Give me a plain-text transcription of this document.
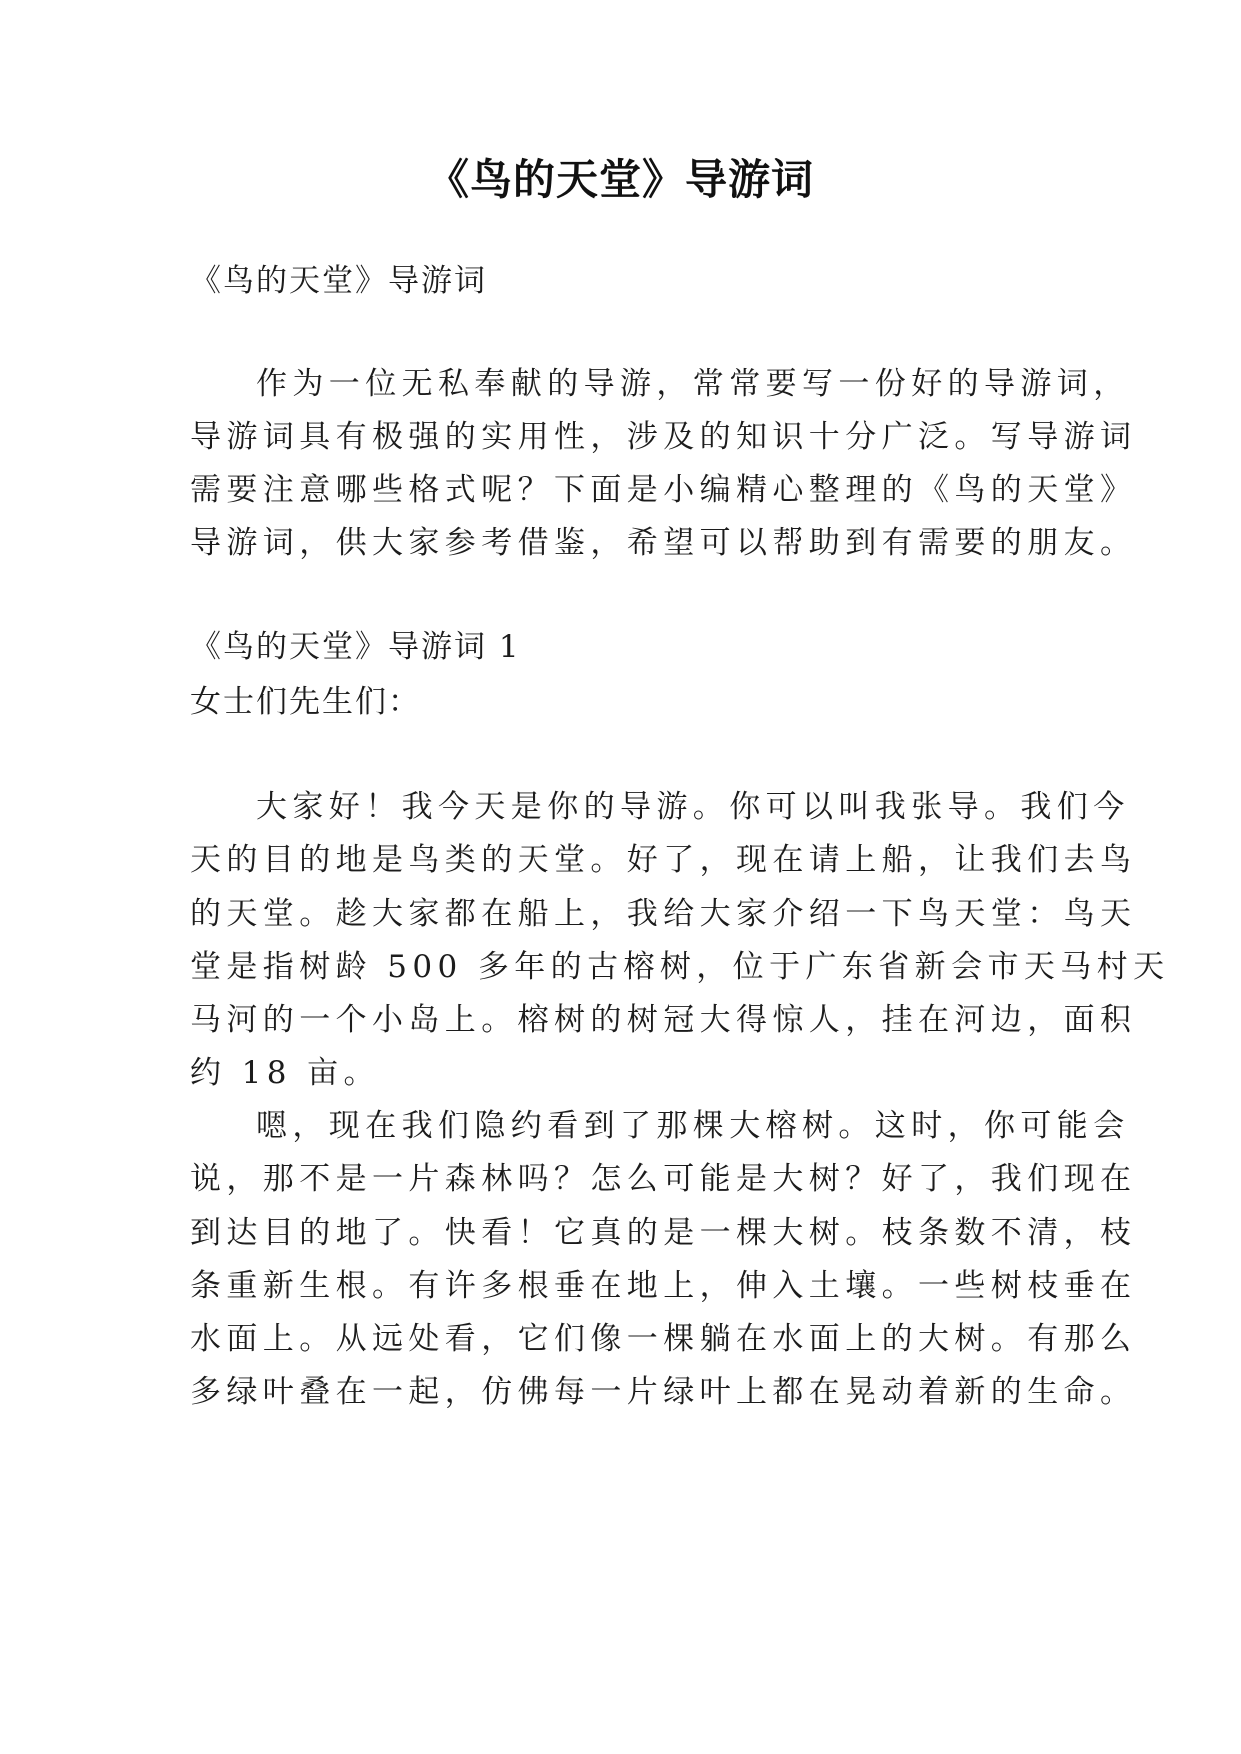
《鸟的天堂》导游词
《鸟的天堂》导游词
作为一位无私奉献的导游，常常要写一份好的导游词，
导游词具有极强的实用性，涉及的知识十分广泛。写导游词
需要注意哪些格式呢？下面是小编精心整理的《鸟的天堂》
导游词，供大家参考借鉴，希望可以帮助到有需要的朋友。
《鸟的天堂》导游词 1
女士们先生们：
大家好！我今天是你的导游。你可以叫我张导。我们今
天的目的地是鸟类的天堂。好了，现在请上船，让我们去鸟
的天堂。趁大家都在船上，我给大家介绍一下鸟天堂：鸟天
堂是指树龄 500 多年的古榕树，位于广东省新会市天马村天
马河的一个小岛上。榕树的树冠大得惊人，挂在河边，面积
约 18 亩。
嗯，现在我们隐约看到了那棵大榕树。这时，你可能会
说，那不是一片森林吗？怎么可能是大树？好了，我们现在
到达目的地了。快看！它真的是一棵大树。枝条数不清，枝
条重新生根。有许多根垂在地上，伸入土壤。一些树枝垂在
水面上。从远处看，它们像一棵躺在水面上的大树。有那么
多绿叶叠在一起，仿佛每一片绿叶上都在晃动着新的生命。
